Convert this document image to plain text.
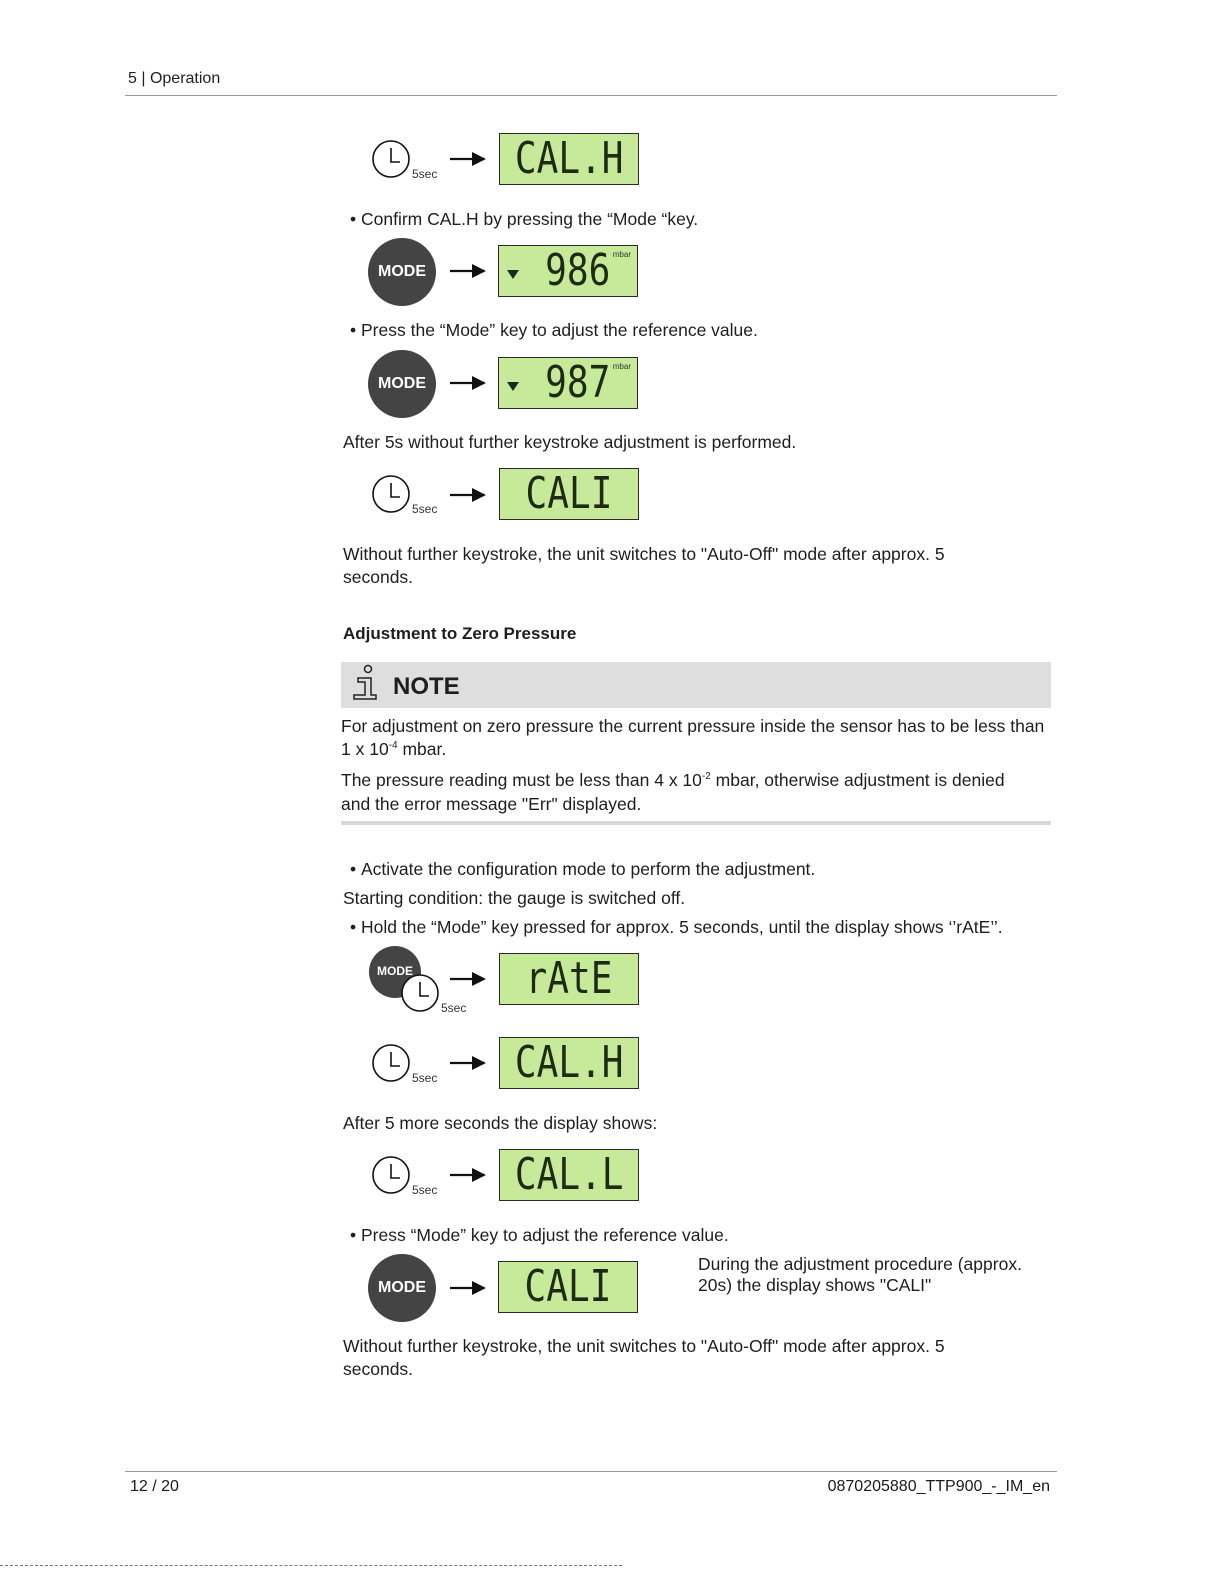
5 | Operation
12 / 20	0870205880_TTP900_-_IM_en
5sec CAL.H
• Confirm CAL.H by pressing the “Mode “key.
MODE	986 mbar
• Press the “Mode” key to adjust the reference value.
MODE	987 mbar
After 5s without further keystroke adjustment is performed.
5sec CALI
Without further keystroke, the unit switches to "Auto-Off" mode after approx. 5
seconds.
Adjustment to Zero Pressure
NOTE
For adjustment on zero pressure the current pressure inside the sensor has to be less than
1 x $10^{-4}$ mbar.
The pressure reading must be less than 4 x $10^{-2}$ mbar, otherwise adjustment is denied
and the error message "Err" displayed.
• Activate the configuration mode to perform the adjustment.
Starting condition: the gauge is switched off.
• Hold the “Mode” key pressed for approx. 5 seconds, until the display shows ‘’rAtE’’.
MODE
5sec
rAtE
5sec CAL.H
After 5 more seconds the display shows:
5sec CAL.L
• Press “Mode” key to adjust the reference value.
MODE CALI	During the adjustment procedure (approx.
20s) the display shows "CALI"
Without further keystroke, the unit switches to "Auto-Off" mode after approx. 5
seconds.
